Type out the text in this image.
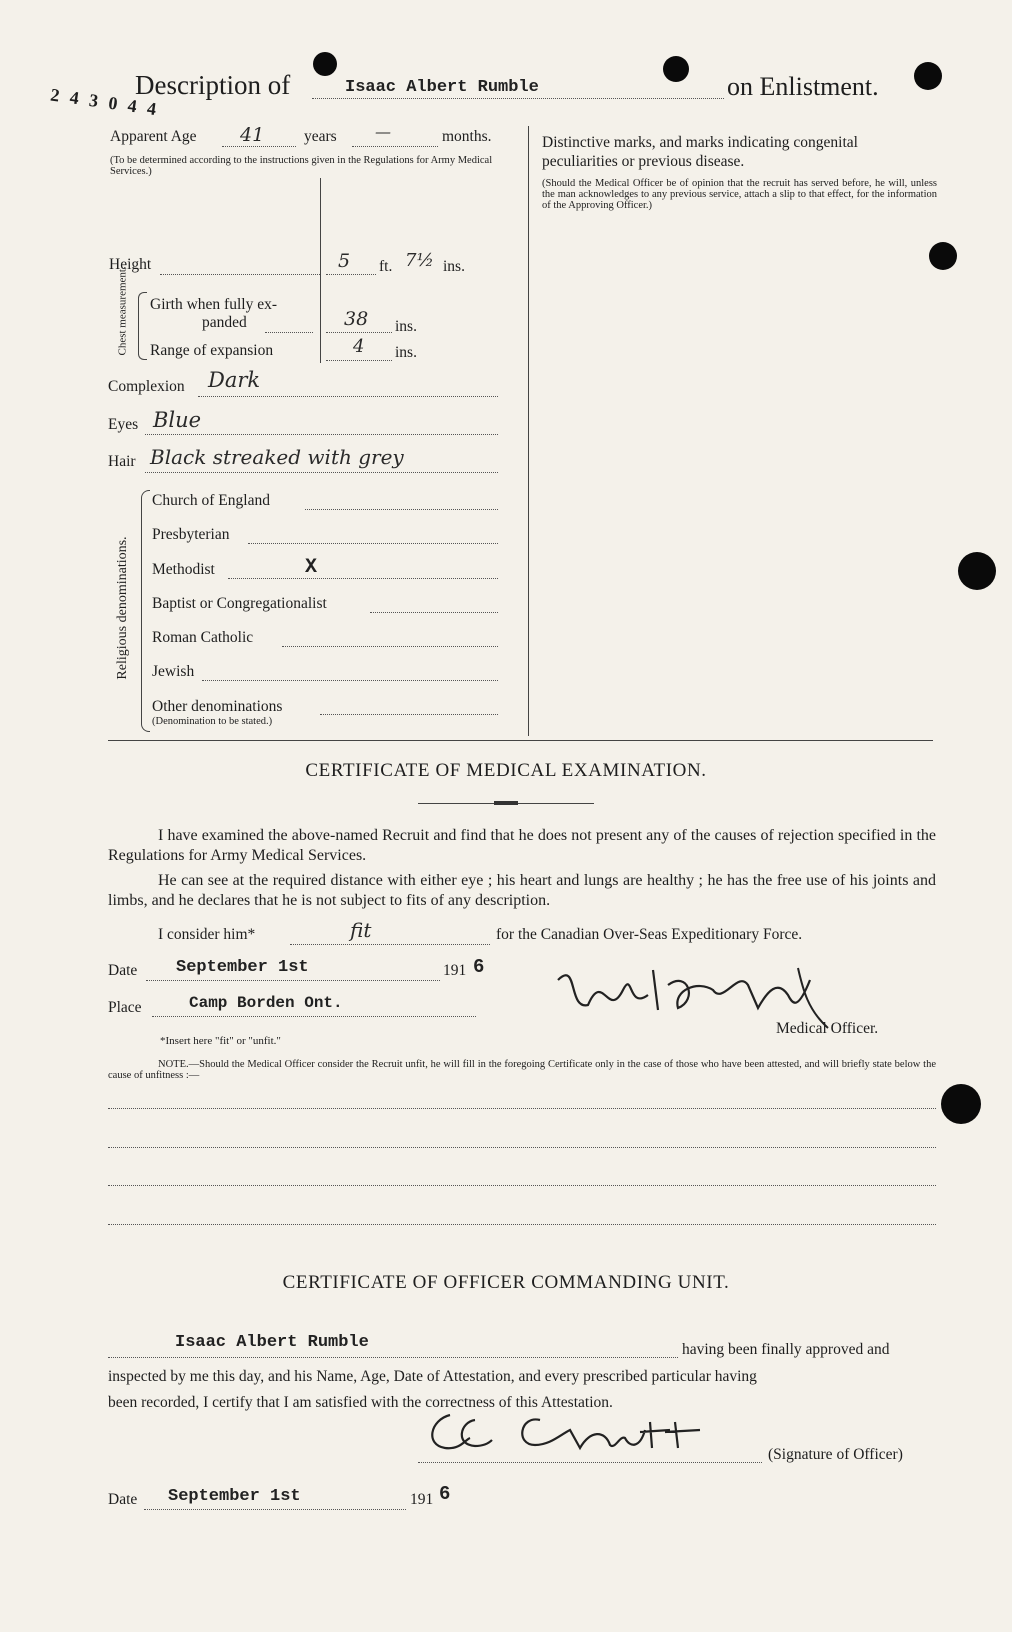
2 4 3 0 4 4
Description of	Isaac Albert Rumble	on Enlistment.
Apparent Age 41	years —	months.
(To be determined according to the instructions given in the Regulations for Army Medical Services.)
Height	5 ft. 7½ ins.
Chest measurement. Girth when fully ex-
panded	38 ins.
Range of expansion	4 ins.
Complexion Dark
Eyes Blue
Hair Black streaked with grey
Religious denominations.
Church of England
Presbyterian
Methodist	X
Baptist or Congregationalist
Roman Catholic
Jewish
Other denominations
(Denomination to be stated.)
Distinctive marks, and marks indicating congenital peculiarities or previous disease.
(Should the Medical Officer be of opinion that the recruit has served before, he will, unless the man acknowledges to any previous service, attach a slip to that effect, for the information of the Approving Officer.)
CERTIFICATE OF MEDICAL EXAMINATION.
I have examined the above-named Recruit and find that he does not present any of the causes of rejection specified in the Regulations for Army Medical Services.
He can see at the required distance with either eye ; his heart and lungs are healthy ; he has the free use of his joints and limbs, and he declares that he is not subject to fits of any description.
I consider him*	fit	for the Canadian Over-Seas Expeditionary Force.
Date September 1st	191 6
Place	Camp Borden Ont.
Medical Officer.
*Insert here "fit" or "unfit."
NOTE.—Should the Medical Officer consider the Recruit unfit, he will fill in the foregoing Certificate only in the case of those who have been attested, and will briefly state below the cause of unfitness :—
CERTIFICATE OF OFFICER COMMANDING UNIT.
Isaac Albert Rumble	having been finally approved and
inspected by me this day, and his Name, Age, Date of Attestation, and every prescribed particular having
been recorded, I certify that I am satisfied with the correctness of this Attestation.
(Signature of Officer)
Date September 1st	191 6
